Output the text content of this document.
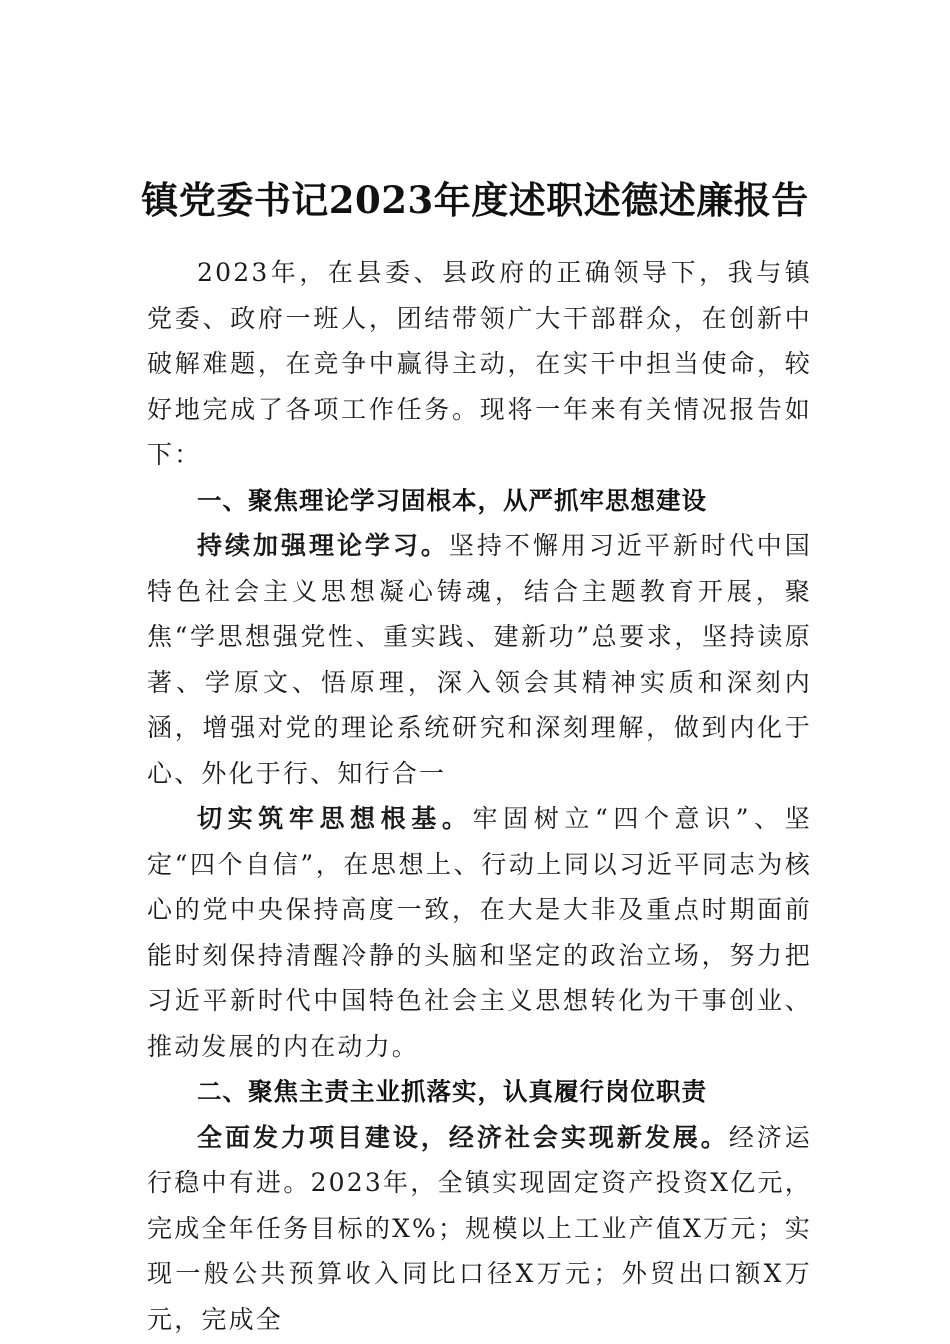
镇党委书记2023年度述职述德述廉报告

2023年，在县委、县政府的正确领导下，我与镇党委、政府一班人，团结带领广大干部群众，在创新中破解难题，在竞争中赢得主动，在实干中担当使命，较好地完成了各项工作任务。现将一年来有关情况报告如下：

一、聚焦理论学习固根本，从严抓牢思想建设

持续加强理论学习。坚持不懈用习近平新时代中国特色社会主义思想凝心铸魂，结合主题教育开展，聚焦“学思想强党性、重实践、建新功”总要求，坚持读原著、学原文、悟原理，深入领会其精神实质和深刻内涵，增强对党的理论系统研究和深刻理解，做到内化于心、外化于行、知行合一

切实筑牢思想根基。牢固树立“四个意识”、坚定“四个自信”，在思想上、行动上同以习近平同志为核心的党中央保持高度一致，在大是大非及重点时期面前能时刻保持清醒冷静的头脑和坚定的政治立场，努力把习近平新时代中国特色社会主义思想转化为干事创业、推动发展的内在动力。

二、聚焦主责主业抓落实，认真履行岗位职责

全面发力项目建设，经济社会实现新发展。经济运行稳中有进。2023年，全镇实现固定资产投资X亿元，完成全年任务目标的X%；规模以上工业产值X万元；实现一般公共预算收入同比口径X万元；外贸出口额X万元，完成全
